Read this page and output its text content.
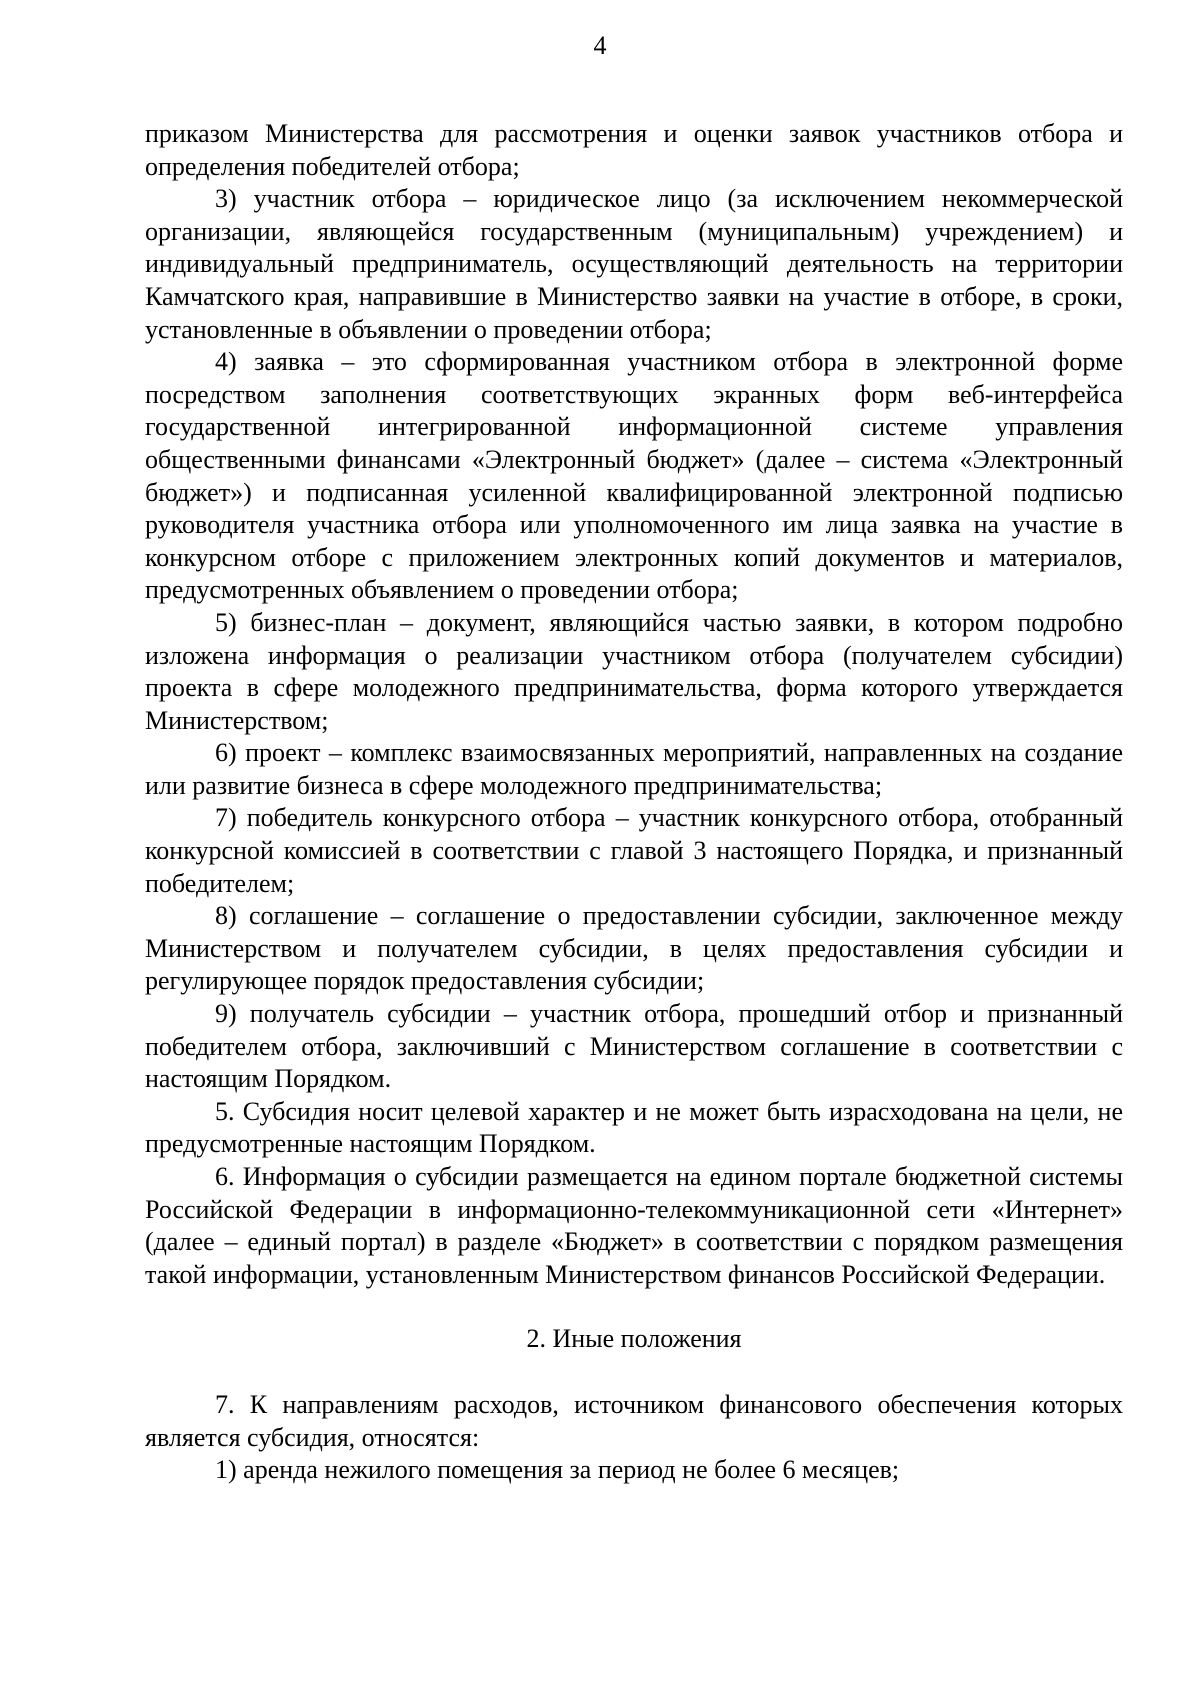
4

приказом Министерства для рассмотрения и оценки заявок участников отбора и определения победителей отбора;

3) участник отбора – юридическое лицо (за исключением некоммерческой организации, являющейся государственным (муниципальным) учреждением) и индивидуальный предприниматель, осуществляющий деятельность на территории Камчатского края, направившие в Министерство заявки на участие в отборе, в сроки, установленные в объявлении о проведении отбора;

4) заявка – это сформированная участником отбора в электронной форме посредством заполнения соответствующих экранных форм веб-интерфейса государственной интегрированной информационной системе управления общественными финансами «Электронный бюджет» (далее – система «Электронный бюджет») и подписанная усиленной квалифицированной электронной подписью руководителя участника отбора или уполномоченного им лица заявка на участие в конкурсном отборе с приложением электронных копий документов и материалов, предусмотренных объявлением о проведении отбора;

5) бизнес-план – документ, являющийся частью заявки, в котором подробно изложена информация о реализации участником отбора (получателем субсидии) проекта в сфере молодежного предпринимательства, форма которого утверждается Министерством;

6) проект – комплекс взаимосвязанных мероприятий, направленных на создание или развитие бизнеса в сфере молодежного предпринимательства;

7) победитель конкурсного отбора – участник конкурсного отбора, отобранный конкурсной комиссией в соответствии с главой 3 настоящего Порядка, и признанный победителем;

8) соглашение – соглашение о предоставлении субсидии, заключенное между Министерством и получателем субсидии, в целях предоставления субсидии и регулирующее порядок предоставления субсидии;

9) получатель субсидии – участник отбора, прошедший отбор и признанный победителем отбора, заключивший с Министерством соглашение в соответствии с настоящим Порядком.

5. Субсидия носит целевой характер и не может быть израсходована на цели, не предусмотренные настоящим Порядком.

6. Информация о субсидии размещается на едином портале бюджетной системы Российской Федерации в информационно-телекоммуникационной сети «Интернет» (далее – единый портал) в разделе «Бюджет» в соответствии с порядком размещения такой информации, установленным Министерством финансов Российской Федерации.

2. Иные положения

7. К направлениям расходов, источником финансового обеспечения которых является субсидия, относятся:

1) аренда нежилого помещения за период не более 6 месяцев;
